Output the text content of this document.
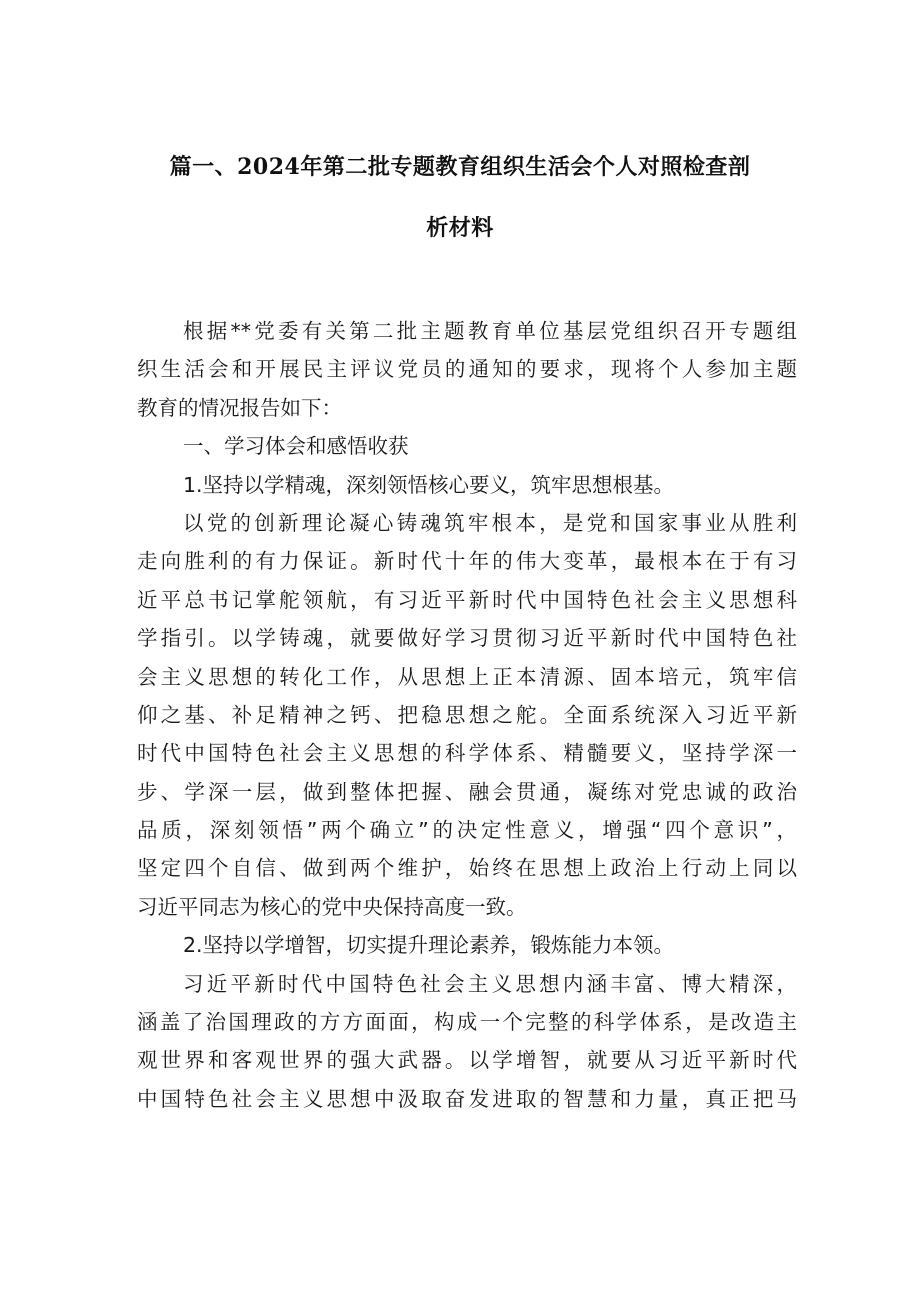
篇一、2024年第二批专题教育组织生活会个人对照检查剖
析材料
根据**党委有关第二批主题教育单位基层党组织召开专题组
织生活会和开展民主评议党员的通知的要求，现将个人参加主题
教育的情况报告如下：
一、学习体会和感悟收获
1.坚持以学精魂，深刻领悟核心要义，筑牢思想根基。
以党的创新理论凝心铸魂筑牢根本，是党和国家事业从胜利
走向胜利的有力保证。新时代十年的伟大变革，最根本在于有习
近平总书记掌舵领航，有习近平新时代中国特色社会主义思想科
学指引。以学铸魂，就要做好学习贯彻习近平新时代中国特色社
会主义思想的转化工作，从思想上正本清源、固本培元，筑牢信
仰之基、补足精神之钙、把稳思想之舵。全面系统深入习近平新
时代中国特色社会主义思想的科学体系、精髓要义，坚持学深一
步、学深一层，做到整体把握、融会贯通，凝练对党忠诚的政治
品质，深刻领悟”两个确立”的决定性意义，增强“四个意识”，
坚定四个自信、做到两个维护，始终在思想上政治上行动上同以
习近平同志为核心的党中央保持高度一致。
2.坚持以学增智，切实提升理论素养，锻炼能力本领。
习近平新时代中国特色社会主义思想内涵丰富、博大精深，
涵盖了治国理政的方方面面，构成一个完整的科学体系，是改造主
观世界和客观世界的强大武器。以学增智，就要从习近平新时代
中国特色社会主义思想中汲取奋发进取的智慧和力量，真正把马
